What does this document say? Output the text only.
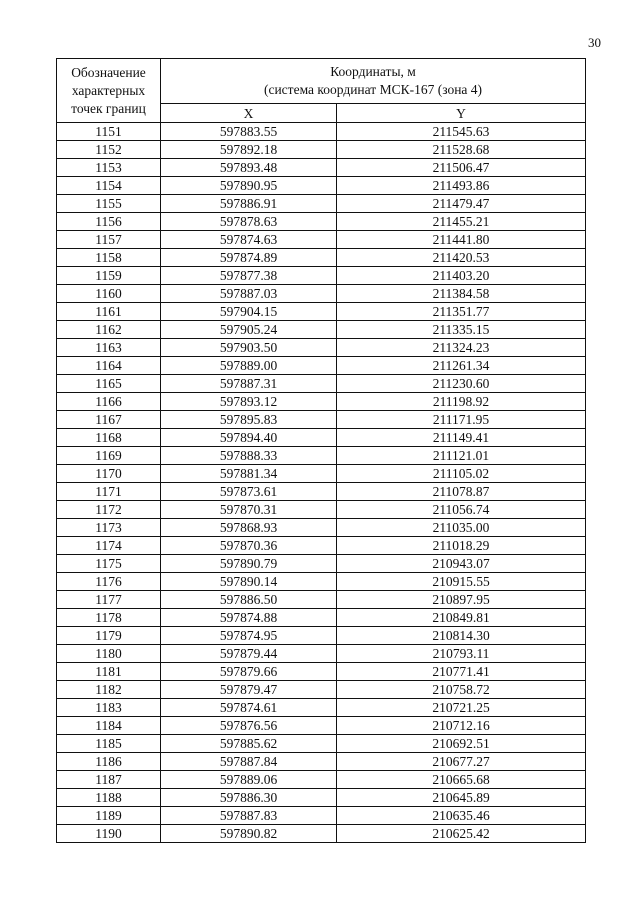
30
Обозначение
характерных
точек границ	Координаты, м
(система координат МСК-167 (зона 4)	

	X	Y
1151	597883.55	211545.63
1152	597892.18	211528.68
1153	597893.48	211506.47
1154	597890.95	211493.86
1155	597886.91	211479.47
1156	597878.63	211455.21
1157	597874.63	211441.80
1158	597874.89	211420.53
1159	597877.38	211403.20
1160	597887.03	211384.58
1161	597904.15	211351.77
1162	597905.24	211335.15
1163	597903.50	211324.23
1164	597889.00	211261.34
1165	597887.31	211230.60
1166	597893.12	211198.92
1167	597895.83	211171.95
1168	597894.40	211149.41
1169	597888.33	211121.01
1170	597881.34	211105.02
1171	597873.61	211078.87
1172	597870.31	211056.74
1173	597868.93	211035.00
1174	597870.36	211018.29
1175	597890.79	210943.07
1176	597890.14	210915.55
1177	597886.50	210897.95
1178	597874.88	210849.81
1179	597874.95	210814.30
1180	597879.44	210793.11
1181	597879.66	210771.41
1182	597879.47	210758.72
1183	597874.61	210721.25
1184	597876.56	210712.16
1185	597885.62	210692.51
1186	597887.84	210677.27
1187	597889.06	210665.68
1188	597886.30	210645.89
1189	597887.83	210635.46
1190	597890.82	210625.42
